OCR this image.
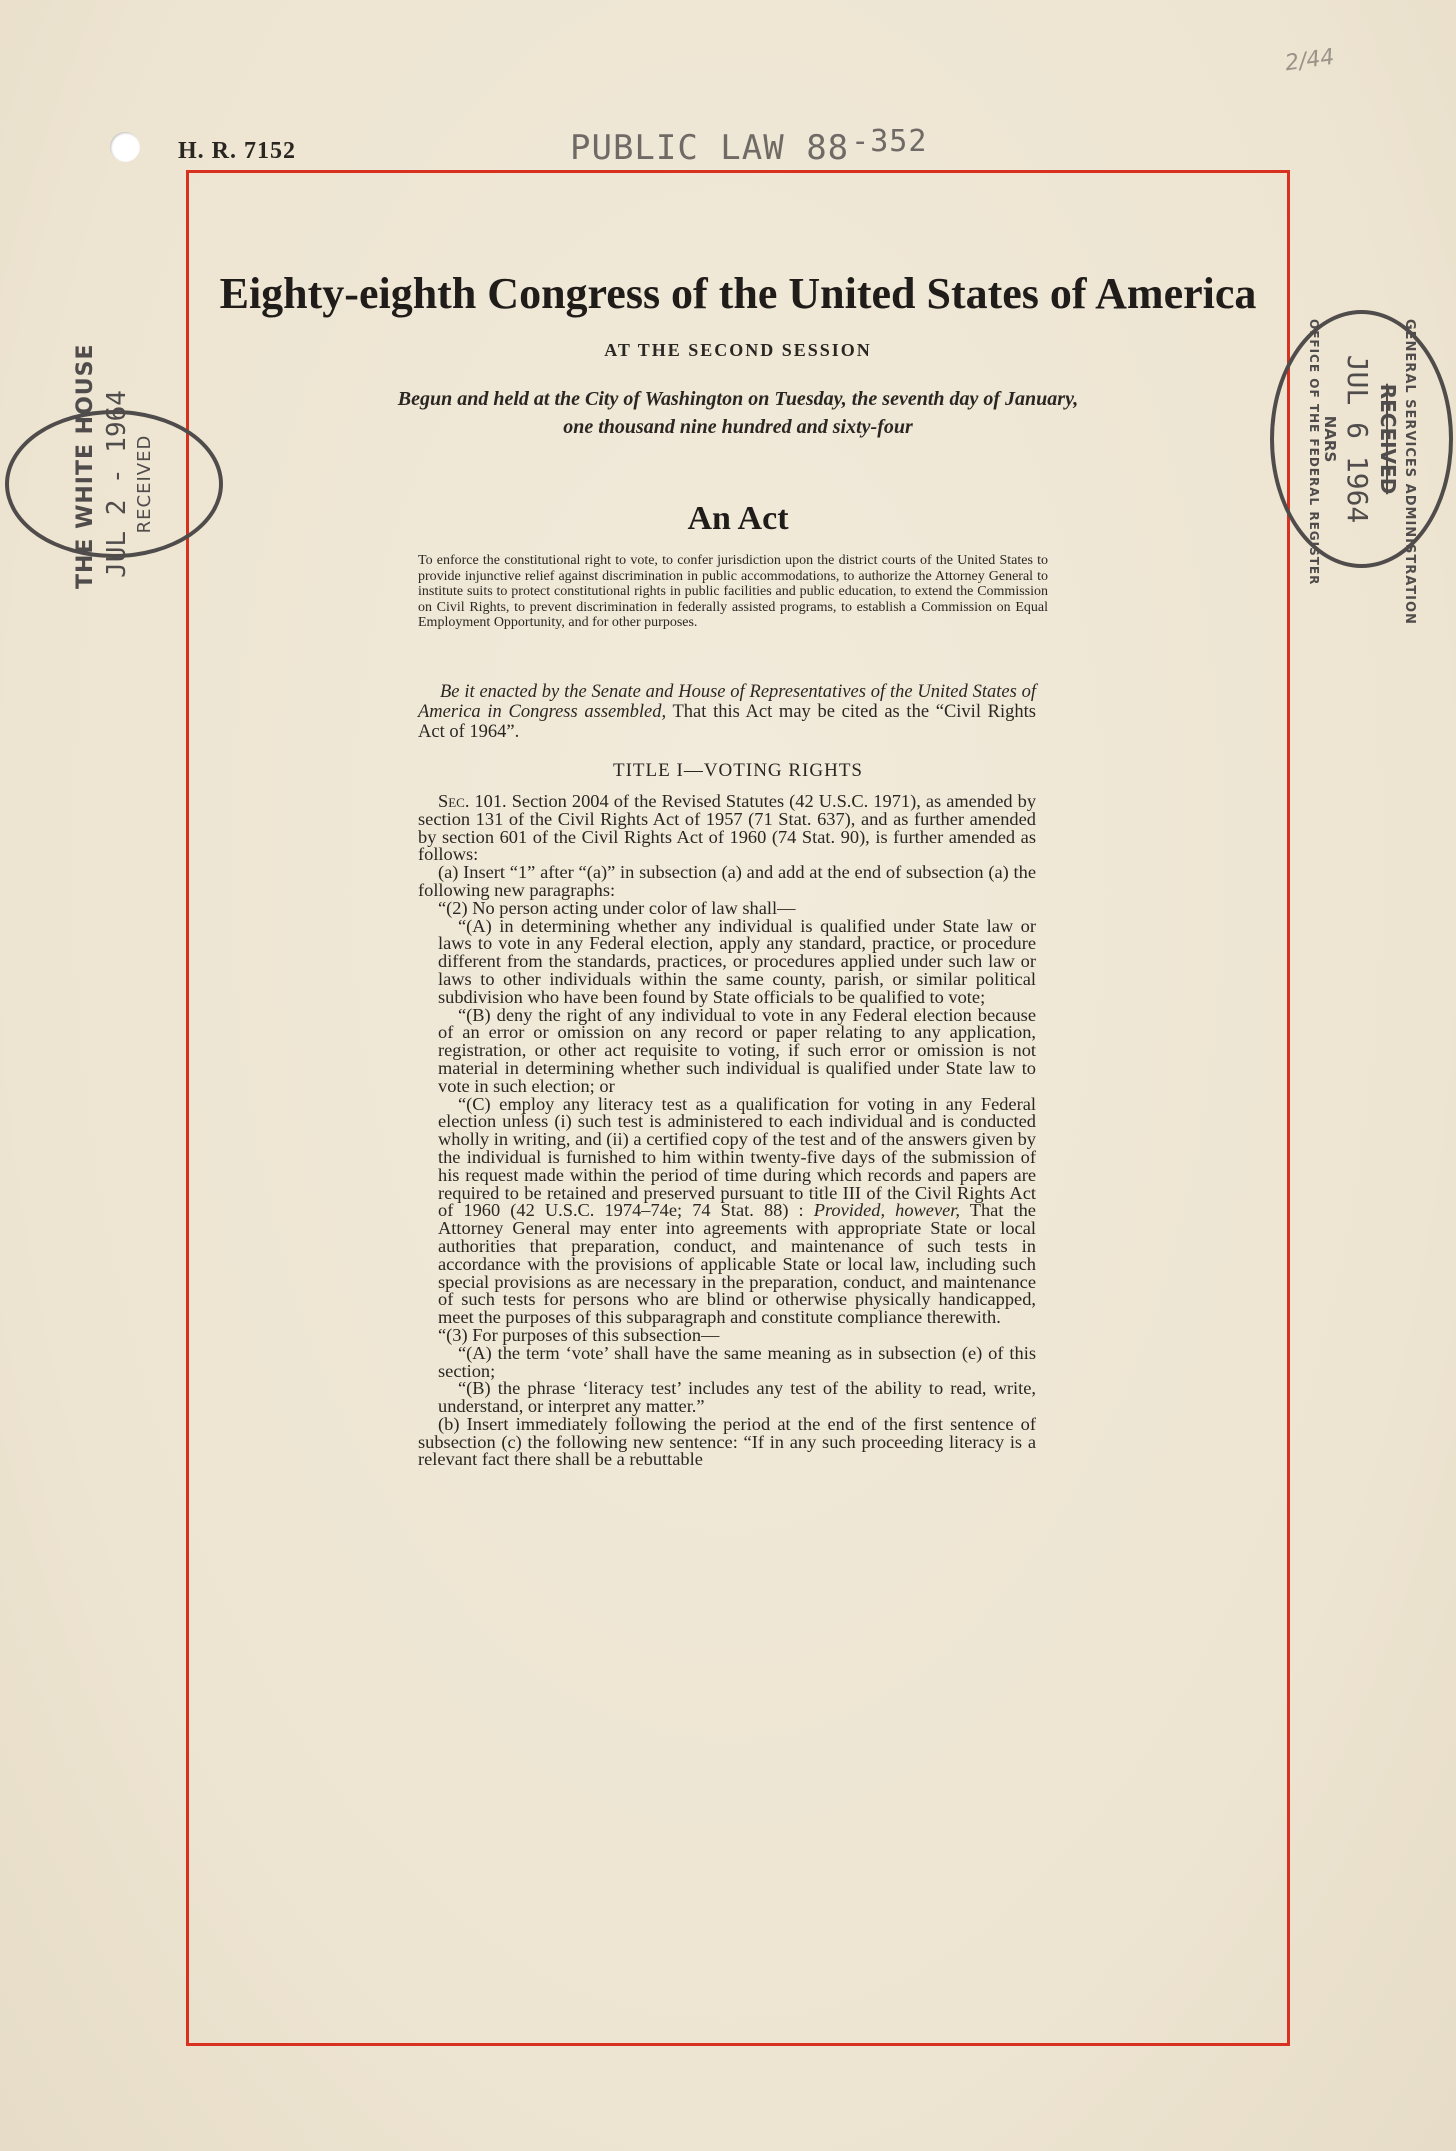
2/44
H. R. 7152	PUBLIC LAW 88-352
THE WHITE HOUSE JUL 2 - 1964 RECEIVED	GENERAL SERVICES ADMINISTRATION
RECEIVED
JUL 6 1964
NARS
OFFICE OF THE FEDERAL REGISTER
Eighty-eighth Congress of the United States of America
AT THE SECOND SESSION
Begun and held at the City of Washington on Tuesday, the seventh day of January,
one thousand nine hundred and sixty-four
An Act
To enforce the constitutional right to vote, to confer jurisdiction upon the district courts of the United States to provide injunctive relief against discrimination in public accommodations, to authorize the Attorney General to institute suits to protect constitutional rights in public facilities and public education, to extend the Commission on Civil Rights, to prevent discrimination in federally assisted programs, to establish a Commission on Equal Employment Opportunity, and for other purposes.
Be it enacted by the Senate and House of Representatives of the United States of America in Congress assembled, That this Act may be cited as the “Civil Rights Act of 1964”.
TITLE I—VOTING RIGHTS

Sec. 101. Section 2004 of the Revised Statutes (42 U.S.C. 1971), as amended by section 131 of the Civil Rights Act of 1957 (71 Stat. 637), and as further amended by section 601 of the Civil Rights Act of 1960 (74 Stat. 90), is further amended as follows:

(a) Insert “1” after “(a)” in subsection (a) and add at the end of subsection (a) the following new paragraphs:

“(2) No person acting under color of law shall—

“(A) in determining whether any individual is qualified under State law or laws to vote in any Federal election, apply any standard, practice, or procedure different from the standards, practices, or procedures applied under such law or laws to other individuals within the same county, parish, or similar political subdivision who have been found by State officials to be qualified to vote;

“(B) deny the right of any individual to vote in any Federal election because of an error or omission on any record or paper relating to any application, registration, or other act requisite to voting, if such error or omission is not material in determining whether such individual is qualified under State law to vote in such election; or

“(C) employ any literacy test as a qualification for voting in any Federal election unless (i) such test is administered to each individual and is conducted wholly in writing, and (ii) a certified copy of the test and of the answers given by the individual is furnished to him within twenty-five days of the submission of his request made within the period of time during which records and papers are required to be retained and preserved pursuant to title III of the Civil Rights Act of 1960 (42 U.S.C. 1974–74e; 74 Stat. 88) : Provided, however, That the Attorney General may enter into agreements with appropriate State or local authorities that preparation, conduct, and maintenance of such tests in accordance with the provisions of applicable State or local law, including such special provisions as are necessary in the preparation, conduct, and maintenance of such tests for persons who are blind or otherwise physically handicapped, meet the purposes of this subparagraph and constitute compliance therewith.

“(3) For purposes of this subsection—

“(A) the term ‘vote’ shall have the same meaning as in subsection (e) of this section;

“(B) the phrase ‘literacy test’ includes any test of the ability to read, write, understand, or interpret any matter.”

(b) Insert immediately following the period at the end of the first sentence of subsection (c) the following new sentence: “If in any such proceeding literacy is a relevant fact there shall be a rebuttable
